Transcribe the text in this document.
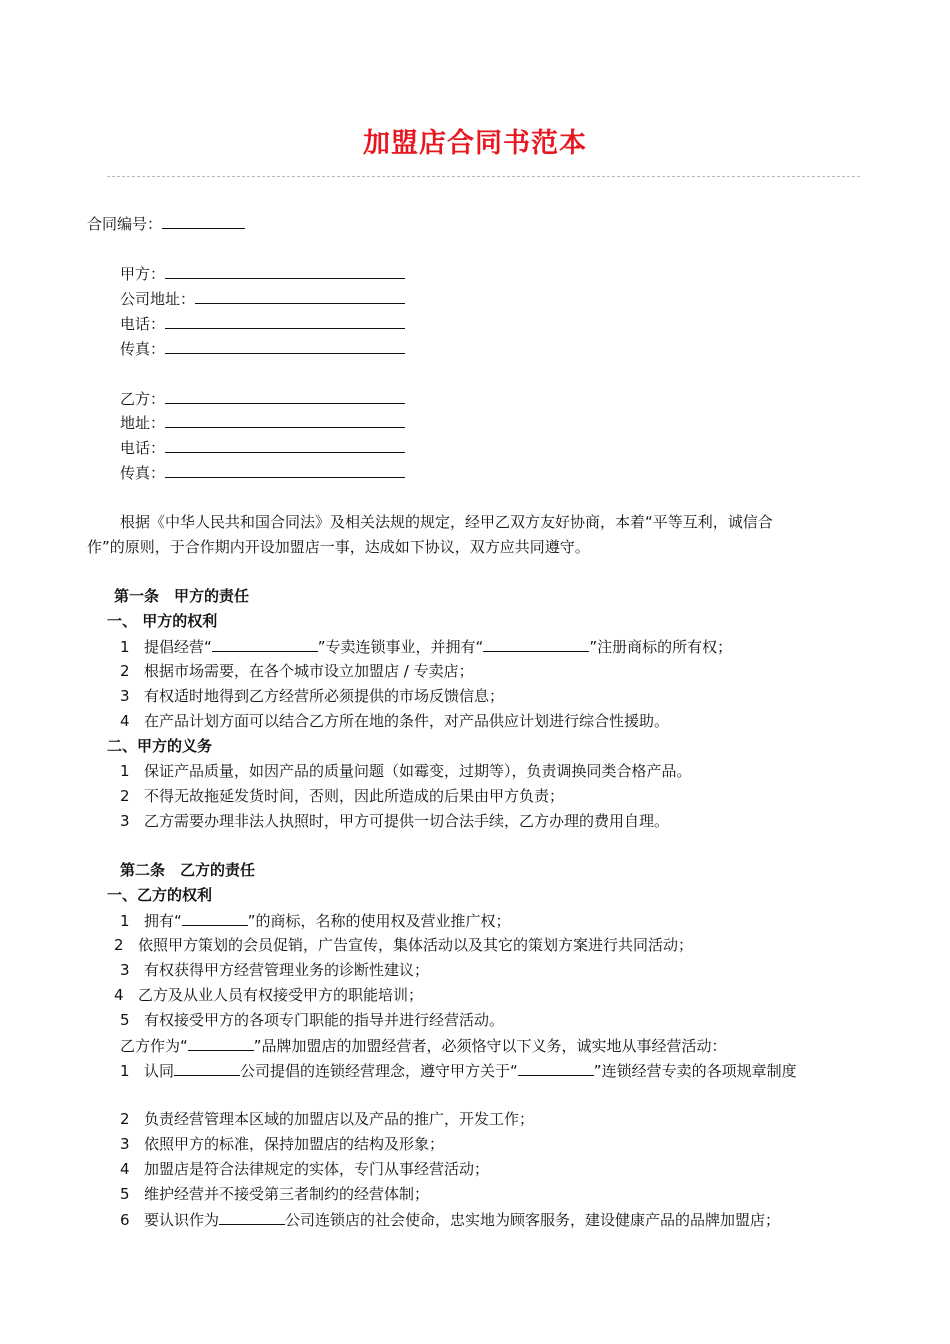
加盟店合同书范本
合同编号：
甲方：
公司地址：
电话：
传真：
乙方：
地址：
电话：
传真：
根据《中华人民共和国合同法》及相关法规的规定，经甲乙双方友好协商，本着“平等互利，诚信合
作”的原则，于合作期内开设加盟店一事，达成如下协议，双方应共同遵守。
第一条　甲方的责任
一、 甲方的权利
1 提倡经营“	”专卖连锁事业，并拥有“	”注册商标的所有权；
2 根据市场需要，在各个城市设立加盟店 / 专卖店；
3 有权适时地得到乙方经营所必须提供的市场反馈信息；
4 在产品计划方面可以结合乙方所在地的条件，对产品供应计划进行综合性援助。
二、甲方的义务
1 保证产品质量，如因产品的质量问题（如霉变，过期等），负责调换同类合格产品。
2 不得无故拖延发货时间，否则，因此所造成的后果由甲方负责；
3 乙方需要办理非法人执照时，甲方可提供一切合法手续，乙方办理的费用自理。
第二条　乙方的责任
一、乙方的权利
1 拥有“	”的商标，名称的使用权及营业推广权；
2 依照甲方策划的会员促销，广告宣传，集体活动以及其它的策划方案进行共同活动；
3 有权获得甲方经营管理业务的诊断性建议；
4 乙方及从业人员有权接受甲方的职能培训；
5 有权接受甲方的各项专门职能的指导并进行经营活动。
乙方作为“	”品牌加盟店的加盟经营者，必须恪守以下义务，诚实地从事经营活动：
1 认同	公司提倡的连锁经营理念，遵守甲方关于“	”连锁经营专卖的各项规章制度
2 负责经营管理本区域的加盟店以及产品的推广，开发工作；
3 依照甲方的标准，保持加盟店的结构及形象；
4 加盟店是符合法律规定的实体，专门从事经营活动；
5 维护经营并不接受第三者制约的经营体制；
6 要认识作为	公司连锁店的社会使命，忠实地为顾客服务，建设健康产品的品牌加盟店；
